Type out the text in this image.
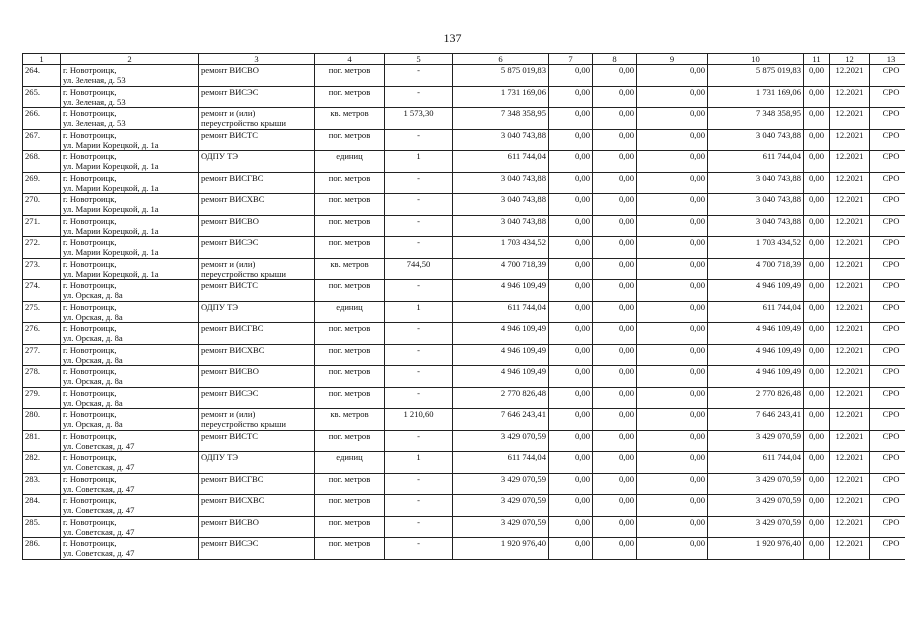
137
1	2	3	4	5	6	7	8	9	10	11	12	13
264.	г. Новотроицк,
ул. Зеленая, д. 53	ремонт ВИСВО	пог. метров	-	5 875 019,83	0,00	0,00	0,00	5 875 019,83	0,00	12.2021	СРО
265.	г. Новотроицк,
ул. Зеленая, д. 53	ремонт ВИСЭС	пог. метров	-	1 731 169,06	0,00	0,00	0,00	1 731 169,06	0,00	12.2021	СРО
266.	г. Новотроицк,
ул. Зеленая, д. 53	ремонт и (или)
переустройство крыши	кв. метров	1 573,30	7 348 358,95	0,00	0,00	0,00	7 348 358,95	0,00	12.2021	СРО
267.	г. Новотроицк,
ул. Марии Корецкой, д. 1а	ремонт ВИСТС	пог. метров	-	3 040 743,88	0,00	0,00	0,00	3 040 743,88	0,00	12.2021	СРО
268.	г. Новотроицк,
ул. Марии Корецкой, д. 1а	ОДПУ ТЭ	единиц	1	611 744,04	0,00	0,00	0,00	611 744,04	0,00	12.2021	СРО
269.	г. Новотроицк,
ул. Марии Корецкой, д. 1а	ремонт ВИСГВС	пог. метров	-	3 040 743,88	0,00	0,00	0,00	3 040 743,88	0,00	12.2021	СРО
270.	г. Новотроицк,
ул. Марии Корецкой, д. 1а	ремонт ВИСХВС	пог. метров	-	3 040 743,88	0,00	0,00	0,00	3 040 743,88	0,00	12.2021	СРО
271.	г. Новотроицк,
ул. Марии Корецкой, д. 1а	ремонт ВИСВО	пог. метров	-	3 040 743,88	0,00	0,00	0,00	3 040 743,88	0,00	12.2021	СРО
272.	г. Новотроицк,
ул. Марии Корецкой, д. 1а	ремонт ВИСЭС	пог. метров	-	1 703 434,52	0,00	0,00	0,00	1 703 434,52	0,00	12.2021	СРО
273.	г. Новотроицк,
ул. Марии Корецкой, д. 1а	ремонт и (или)
переустройство крыши	кв. метров	744,50	4 700 718,39	0,00	0,00	0,00	4 700 718,39	0,00	12.2021	СРО
274.	г. Новотроицк,
ул. Орская, д. 8а	ремонт ВИСТС	пог. метров	-	4 946 109,49	0,00	0,00	0,00	4 946 109,49	0,00	12.2021	СРО
275.	г. Новотроицк,
ул. Орская, д. 8а	ОДПУ ТЭ	единиц	1	611 744,04	0,00	0,00	0,00	611 744,04	0,00	12.2021	СРО
276.	г. Новотроицк,
ул. Орская, д. 8а	ремонт ВИСГВС	пог. метров	-	4 946 109,49	0,00	0,00	0,00	4 946 109,49	0,00	12.2021	СРО
277.	г. Новотроицк,
ул. Орская, д. 8а	ремонт ВИСХВС	пог. метров	-	4 946 109,49	0,00	0,00	0,00	4 946 109,49	0,00	12.2021	СРО
278.	г. Новотроицк,
ул. Орская, д. 8а	ремонт ВИСВО	пог. метров	-	4 946 109,49	0,00	0,00	0,00	4 946 109,49	0,00	12.2021	СРО
279.	г. Новотроицк,
ул. Орская, д. 8а	ремонт ВИСЭС	пог. метров	-	2 770 826,48	0,00	0,00	0,00	2 770 826,48	0,00	12.2021	СРО
280.	г. Новотроицк,
ул. Орская, д. 8а	ремонт и (или)
переустройство крыши	кв. метров	1 210,60	7 646 243,41	0,00	0,00	0,00	7 646 243,41	0,00	12.2021	СРО
281.	г. Новотроицк,
ул. Советская, д. 47	ремонт ВИСТС	пог. метров	-	3 429 070,59	0,00	0,00	0,00	3 429 070,59	0,00	12.2021	СРО
282.	г. Новотроицк,
ул. Советская, д. 47	ОДПУ ТЭ	единиц	1	611 744,04	0,00	0,00	0,00	611 744,04	0,00	12.2021	СРО
283.	г. Новотроицк,
ул. Советская, д. 47	ремонт ВИСГВС	пог. метров	-	3 429 070,59	0,00	0,00	0,00	3 429 070,59	0,00	12.2021	СРО
284.	г. Новотроицк,
ул. Советская, д. 47	ремонт ВИСХВС	пог. метров	-	3 429 070,59	0,00	0,00	0,00	3 429 070,59	0,00	12.2021	СРО
285.	г. Новотроицк,
ул. Советская, д. 47	ремонт ВИСВО	пог. метров	-	3 429 070,59	0,00	0,00	0,00	3 429 070,59	0,00	12.2021	СРО
286.	г. Новотроицк,
ул. Советская, д. 47	ремонт ВИСЭС	пог. метров	-	1 920 976,40	0,00	0,00	0,00	1 920 976,40	0,00	12.2021	СРО
